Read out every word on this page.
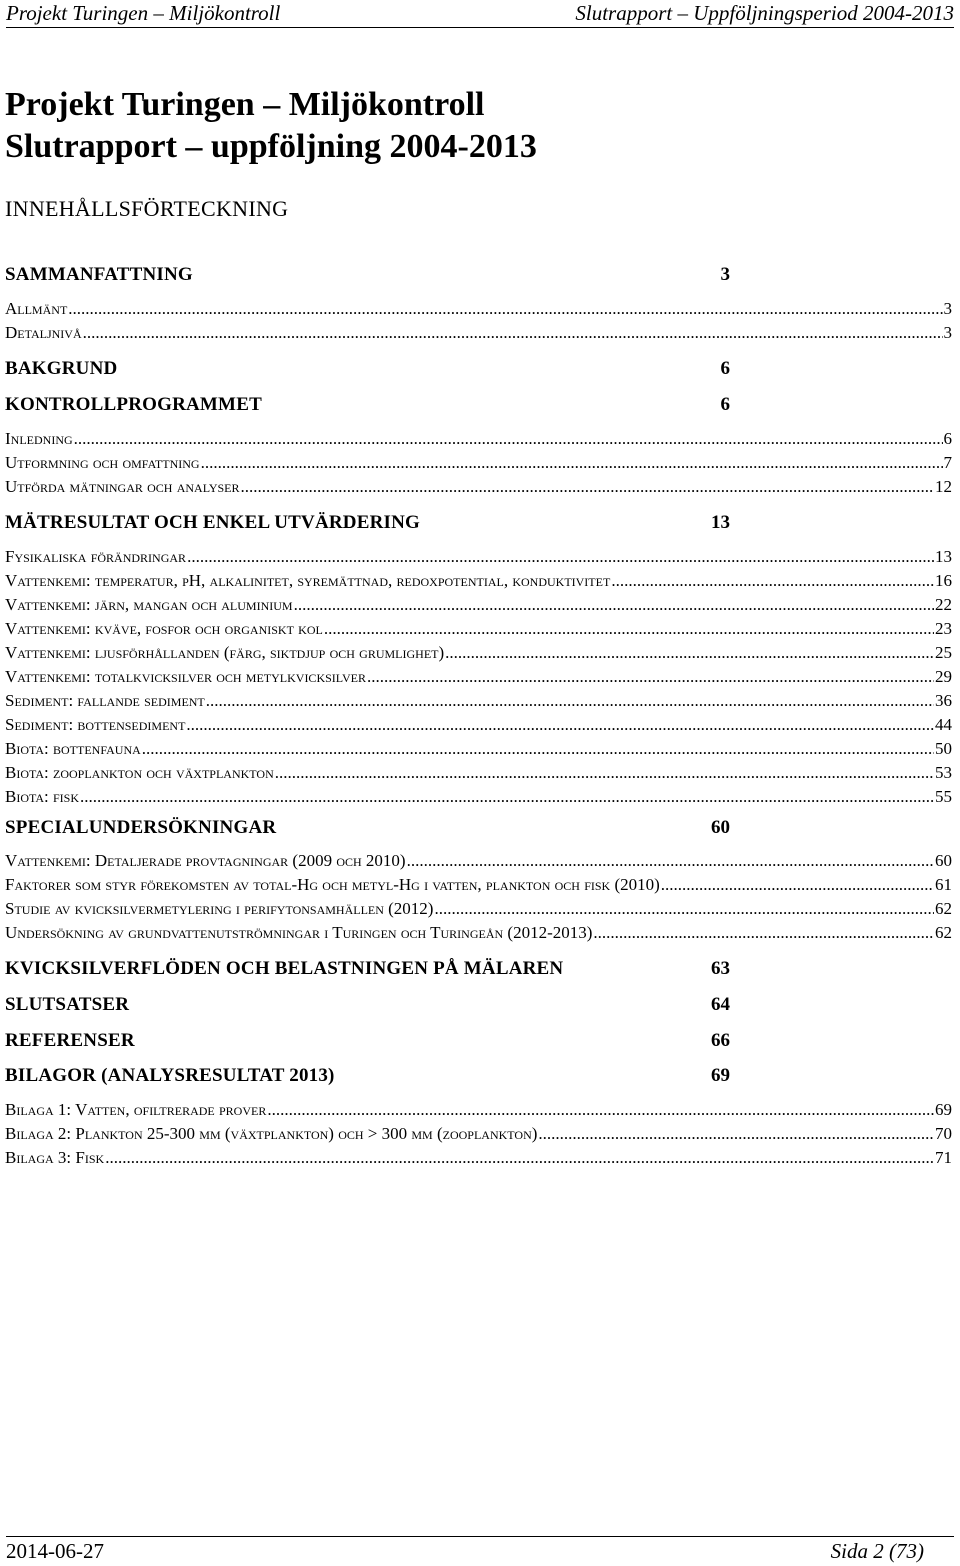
Projekt Turingen – Miljökontroll	Slutrapport – Uppföljningsperiod 2004-2013
Projekt Turingen – Miljökontroll
Slutrapport – uppföljning 2004-2013
INNEHÅLLSFÖRTECKNING
SAMMANFATTNING	3
Allmänt .....	3
Detaljnivå .....	3
BAKGRUND	6
KONTROLLPROGRAMMET	6
Inledning .....	6
Utformning och omfattning .....	7
Utförda mätningar och analyser .....	12
MÄTRESULTAT OCH ENKEL UTVÄRDERING	13
Fysikaliska förändringar .....	13
Vattenkemi: temperatur, pH, alkalinitet, syremättnad, redoxpotential, konduktivitet .....	16
Vattenkemi: järn, mangan och aluminium .....	22
Vattenkemi: kväve, fosfor och organiskt kol .....	23
Vattenkemi: ljusförhållanden (färg, siktdjup och grumlighet) .....	25
Vattenkemi: totalkvicksilver och metylkvicksilver .....	29
Sediment: fallande sediment .....	36
Sediment: bottensediment .....	44
Biota: bottenfauna .....	50
Biota: zooplankton och växtplankton .....	53
Biota: fisk .....	55
SPECIALUNDERSÖKNINGAR	60
Vattenkemi: Detaljerade provtagningar (2009 och 2010) .....	60
Faktorer som styr förekomsten av total-Hg och metyl-Hg i vatten, plankton och fisk (2010) .....	61
Studie av kvicksilvermetylering i perifytonsamhällen (2012) .....	62
Undersökning av grundvattenutströmningar i Turingen och Turingeån (2012-2013) .....	62
KVICKSILVERFLÖDEN OCH BELASTNINGEN PÅ MÄLAREN	63
SLUTSATSER	64
REFERENSER	66
BILAGOR (ANALYSRESULTAT 2013)	69
Bilaga 1: Vatten, ofiltrerade prover .....	69
Bilaga 2: Plankton 25-300 µm (växtplankton) och > 300 µm (zooplankton) .....	70
Bilaga 3: Fisk .....	71
2014-06-27	Sida 2 (73)
